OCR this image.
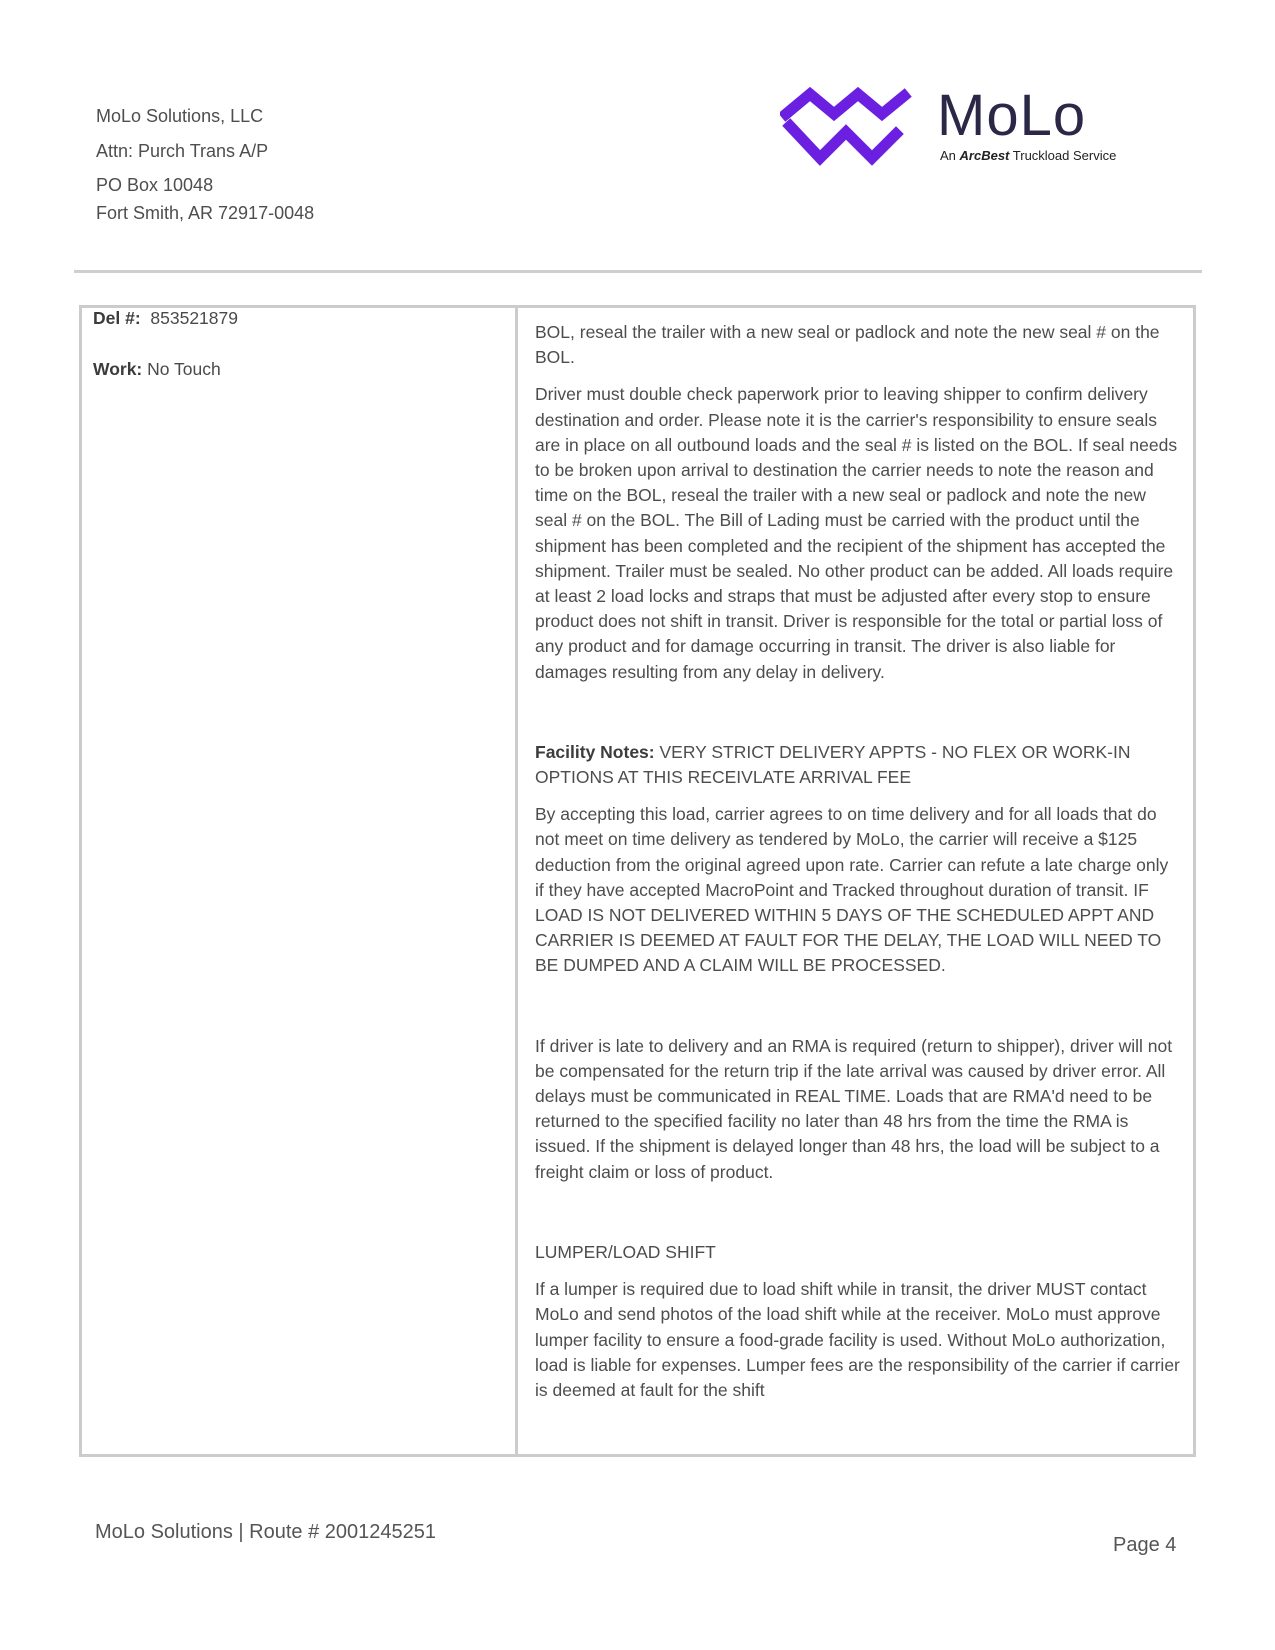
MoLo Solutions, LLC
Attn: Purch Trans A/P
PO Box 10048
Fort Smith, AR 72917-0048
MoLo
An ArcBest Truckload Service
Del #: 853521879
Work: No Touch

BOL, reseal the trailer with a new seal or padlock and note the new seal # on the BOL.

Driver must double check paperwork prior to leaving shipper to confirm delivery destination and order. Please note it is the carrier's responsibility to ensure seals are in place on all outbound loads and the seal # is listed on the BOL. If seal needs to be broken upon arrival to destination the carrier needs to note the reason and time on the BOL, reseal the trailer with a new seal or padlock and note the new seal # on the BOL. The Bill of Lading must be carried with the product until the shipment has been completed and the recipient of the shipment has accepted the shipment. Trailer must be sealed. No other product can be added. All loads require at least 2 load locks and straps that must be adjusted after every stop to ensure product does not shift in transit. Driver is responsible for the total or partial loss of any product and for damage occurring in transit. The driver is also liable for damages resulting from any delay in delivery.

Facility Notes: VERY STRICT DELIVERY APPTS - NO FLEX OR WORK-IN OPTIONS AT THIS RECEIVLATE ARRIVAL FEE

By accepting this load, carrier agrees to on time delivery and for all loads that do not meet on time delivery as tendered by MoLo, the carrier will receive a $125 deduction from the original agreed upon rate. Carrier can refute a late charge only if they have accepted MacroPoint and Tracked throughout duration of transit. IF LOAD IS NOT DELIVERED WITHIN 5 DAYS OF THE SCHEDULED APPT AND CARRIER IS DEEMED AT FAULT FOR THE DELAY, THE LOAD WILL NEED TO BE DUMPED AND A CLAIM WILL BE PROCESSED.

If driver is late to delivery and an RMA is required (return to shipper), driver will not be compensated for the return trip if the late arrival was caused by driver error. All delays must be communicated in REAL TIME. Loads that are RMA'd need to be returned to the specified facility no later than 48 hrs from the time the RMA is issued. If the shipment is delayed longer than 48 hrs, the load will be subject to a freight claim or loss of product.

LUMPER/LOAD SHIFT

If a lumper is required due to load shift while in transit, the driver MUST contact MoLo and send photos of the load shift while at the receiver. MoLo must approve lumper facility to ensure a food-grade facility is used. Without MoLo authorization, load is liable for expenses. Lumper fees are the responsibility of the carrier if carrier is deemed at fault for the shift

MoLo Solutions | Route # 2001245251
Page 4
